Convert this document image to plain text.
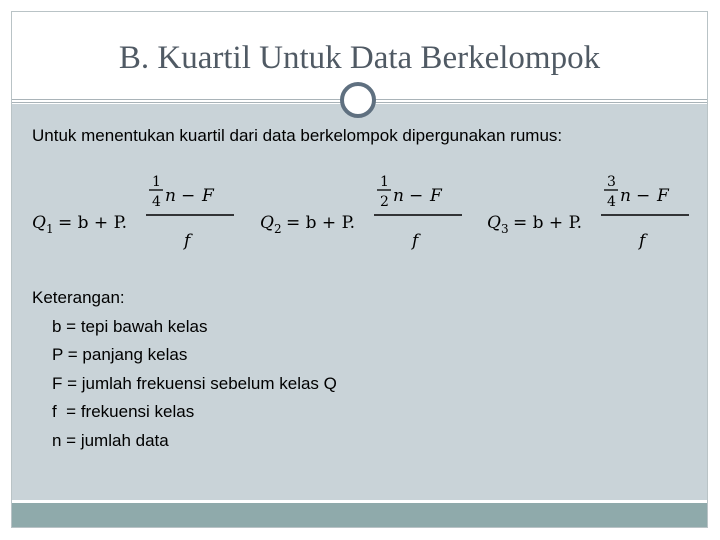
B. Kuartil Untuk Data Berkelompok
Untuk menentukan kuartil dari data berkelompok dipergunakan rumus:
Q 1 = b + P.
1
4 n − F
f
Q 2 = b + P.
1
2 n − F
f
Q 3 = b + P.
3
4 n − F
f
Keterangan:
b = tepi bawah kelas
P = panjang kelas
F = jumlah frekuensi sebelum kelas Q
f  = frekuensi kelas
n = jumlah data
